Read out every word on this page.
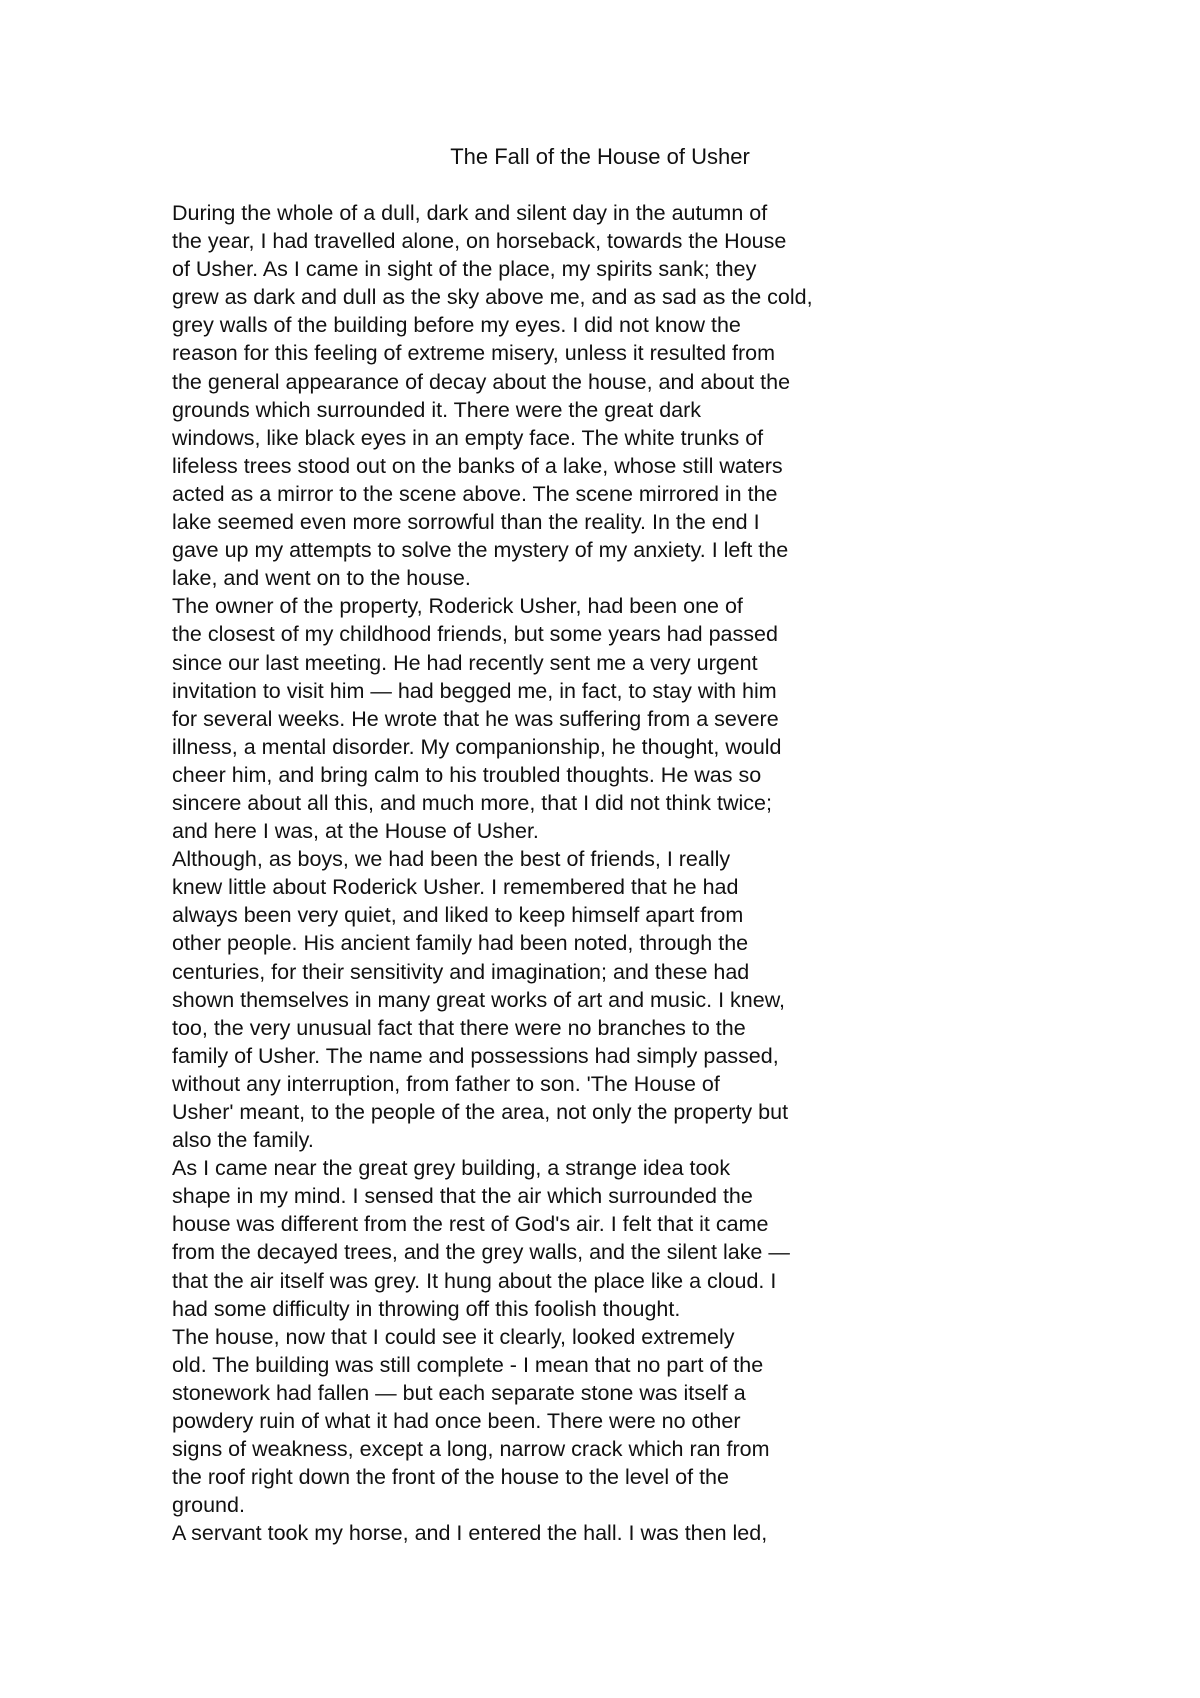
The Fall of the House of Usher
During the whole of a dull, dark and silent day in the autumn of
the year, I had travelled alone, on horseback, towards the House
of Usher. As I came in sight of the place, my spirits sank; they
grew as dark and dull as the sky above me, and as sad as the cold,
grey walls of the building before my eyes. I did not know the
reason for this feeling of extreme misery, unless it resulted from
the general appearance of decay about the house, and about the
grounds which surrounded it. There were the great dark
windows, like black eyes in an empty face. The white trunks of
lifeless trees stood out on the banks of a lake, whose still waters
acted as a mirror to the scene above. The scene mirrored in the
lake seemed even more sorrowful than the reality. In the end I
gave up my attempts to solve the mystery of my anxiety. I left the
lake, and went on to the house.
The owner of the property, Roderick Usher, had been one of
the closest of my childhood friends, but some years had passed
since our last meeting. He had recently sent me a very urgent
invitation to visit him — had begged me, in fact, to stay with him
for several weeks. He wrote that he was suffering from a severe
illness, a mental disorder. My companionship, he thought, would
cheer him, and bring calm to his troubled thoughts. He was so
sincere about all this, and much more, that I did not think twice;
and here I was, at the House of Usher.
Although, as boys, we had been the best of friends, I really
knew little about Roderick Usher. I remembered that he had
always been very quiet, and liked to keep himself apart from
other people. His ancient family had been noted, through the
centuries, for their sensitivity and imagination; and these had
shown themselves in many great works of art and music. I knew,
too, the very unusual fact that there were no branches to the
family of Usher. The name and possessions had simply passed,
without any interruption, from father to son. 'The House of
Usher' meant, to the people of the area, not only the property but
also the family.
As I came near the great grey building, a strange idea took
shape in my mind. I sensed that the air which surrounded the
house was different from the rest of God's air. I felt that it came
from the decayed trees, and the grey walls, and the silent lake —
that the air itself was grey. It hung about the place like a cloud. I
had some difficulty in throwing off this foolish thought.
The house, now that I could see it clearly, looked extremely
old. The building was still complete - I mean that no part of the
stonework had fallen — but each separate stone was itself a
powdery ruin of what it had once been. There were no other
signs of weakness, except a long, narrow crack which ran from
the roof right down the front of the house to the level of the
ground.
A servant took my horse, and I entered the hall. I was then led,
